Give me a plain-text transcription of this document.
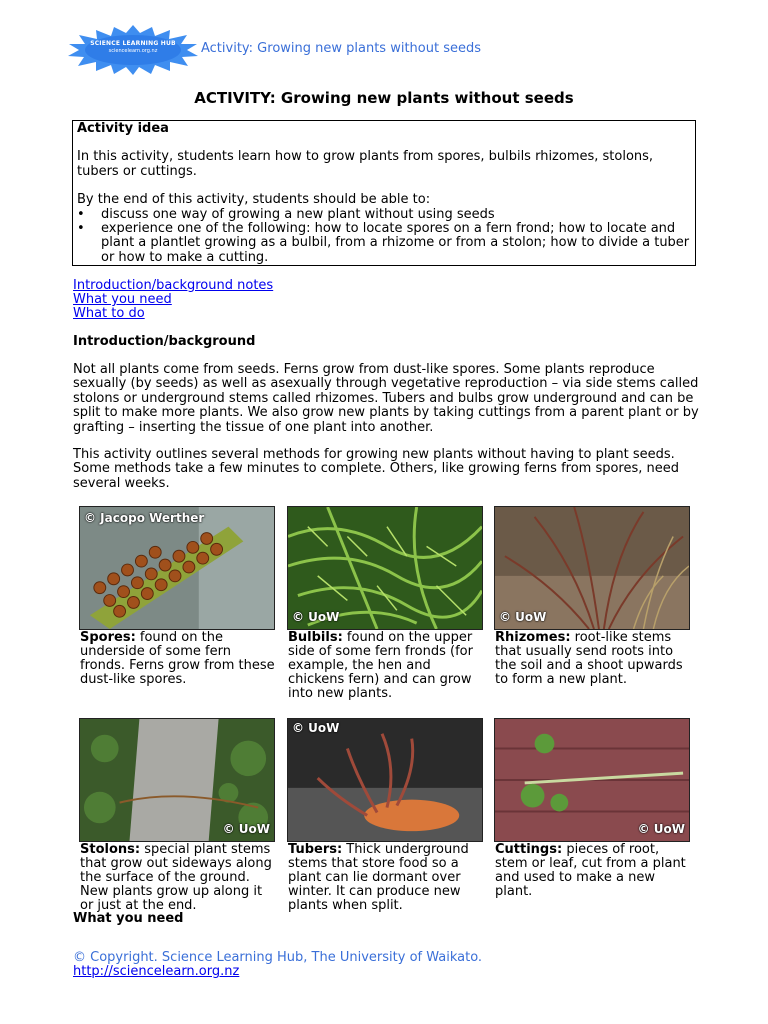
SCIENCE LEARNING HUB
sciencelearn.org.nz	Activity: Growing new plants without seeds
ACTIVITY: Growing new plants without seeds
Activity idea

In this activity, students learn how to grow plants from spores, bulbils rhizomes, stolons, tubers or cuttings.

By the end of this activity, students should be able to:

• discuss one way of growing a new plant without using seeds
• experience one of the following: how to locate spores on a fern frond; how to locate and plant a plantlet growing as a bulbil, from a rhizome or from a stolon; how to divide a tuber or how to make a cutting.
Introduction/background notes
What you need
What to do
Introduction/background
Not all plants come from seeds. Ferns grow from dust-like spores. Some plants reproduce sexually (by seeds) as well as asexually through vegetative reproduction – via side stems called stolons or underground stems called rhizomes. Tubers and bulbs grow underground and can be split to make more plants. We also grow new plants by taking cuttings from a parent plant or by grafting – inserting the tissue of one plant into another.
This activity outlines several methods for growing new plants without having to plant seeds. Some methods take a few minutes to complete. Others, like growing ferns from spores, need several weeks.
© Jacopo Werther
Spores: found on the underside of some fern fronds. Ferns grow from these dust-like spores.
© UoW
Bulbils: found on the upper side of some fern fronds (for example, the hen and chickens fern) and can grow into new plants.
© UoW
Rhizomes: root-like stems that usually send roots into the soil and a shoot upwards to form a new plant.
© UoW
Stolons: special plant stems that grow out sideways along the surface of the ground. New plants grow up along it or just at the end.
© UoW
Tubers: Thick underground stems that store food so a plant can lie dormant over winter. It can produce new plants when split.
© UoW
Cuttings: pieces of root, stem or leaf, cut from a plant and used to make a new plant.
What you need
© Copyright. Science Learning Hub, The University of Waikato.
http://sciencelearn.org.nz
